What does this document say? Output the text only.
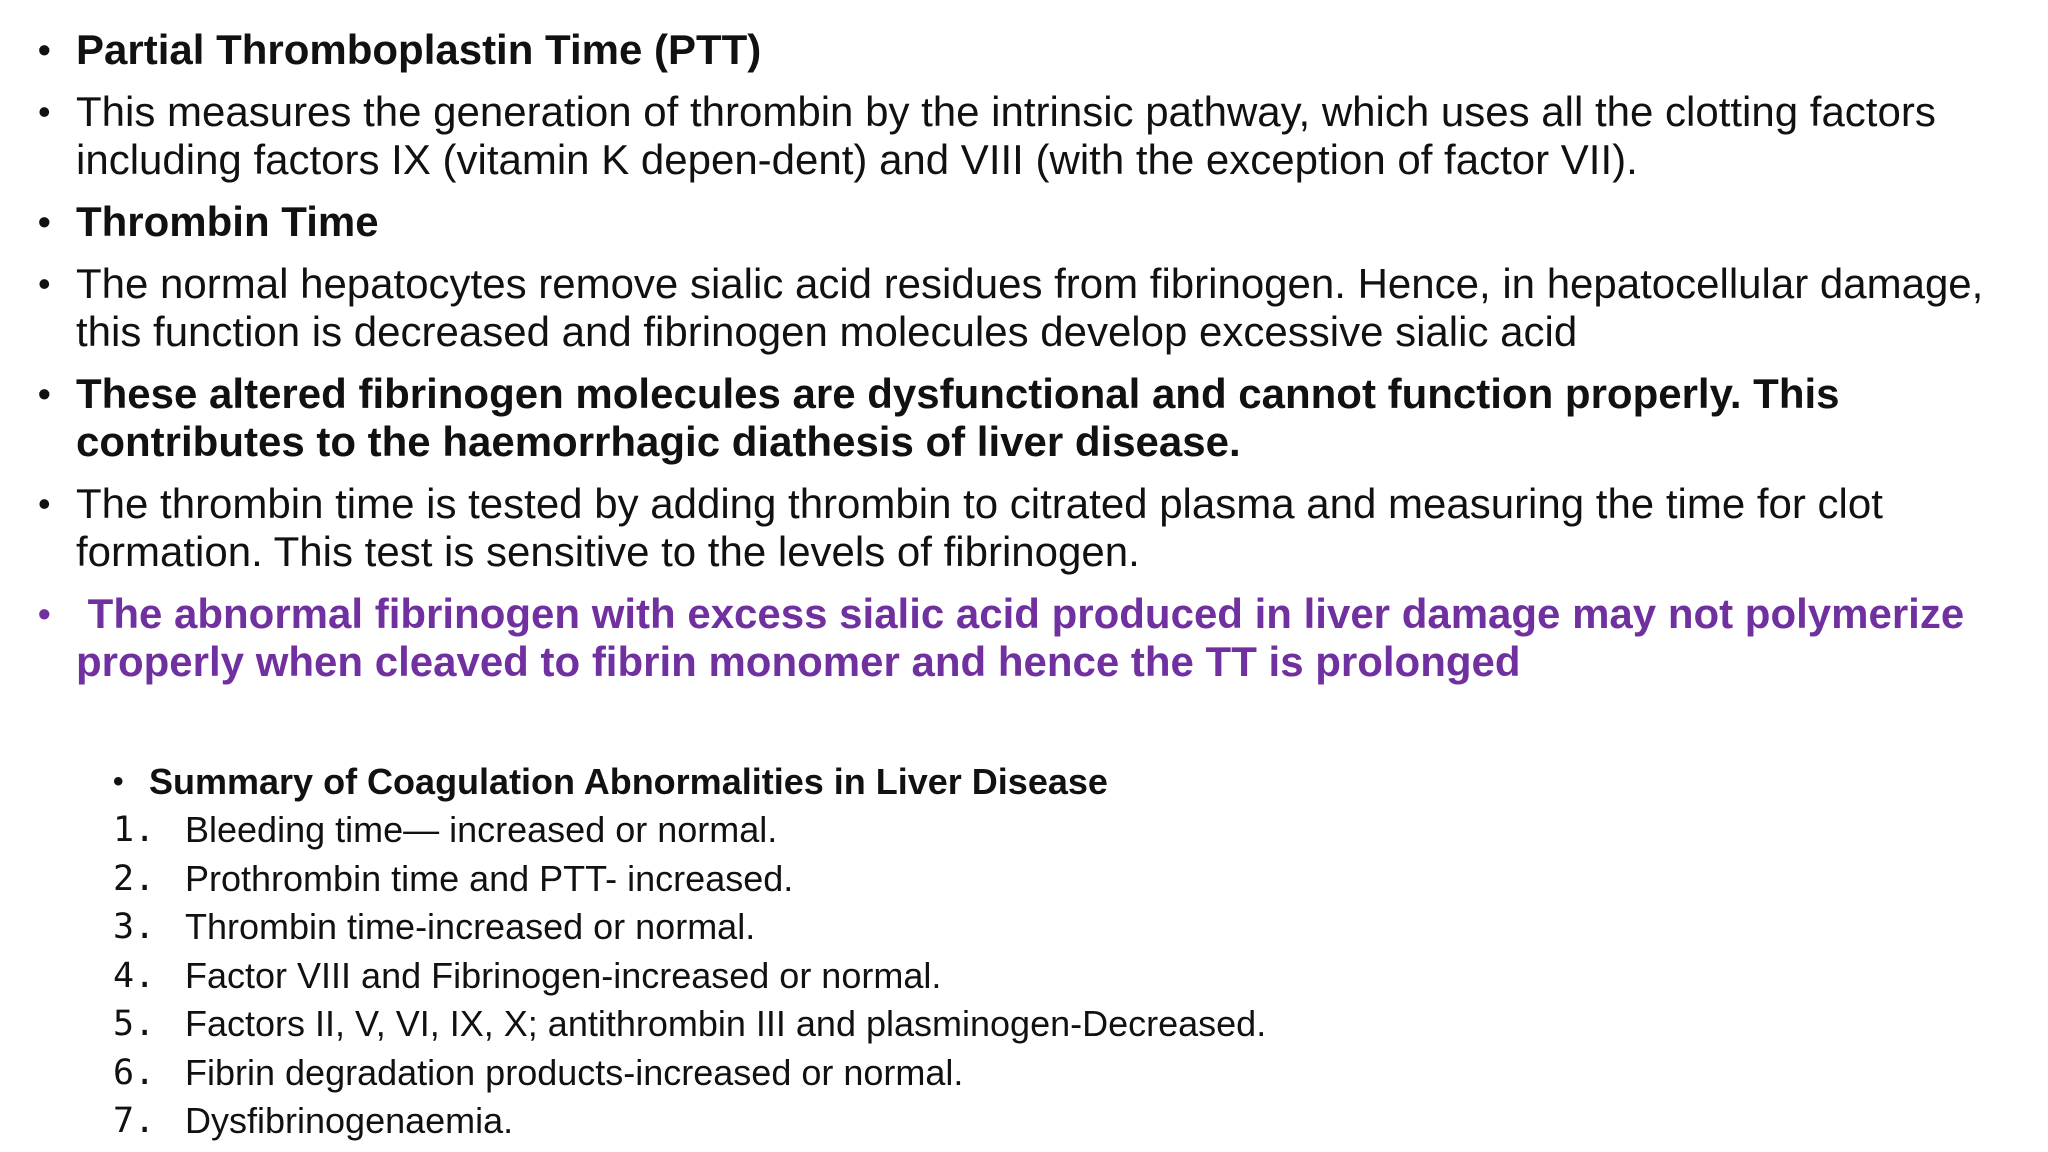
• Partial Thromboplastin Time (PTT)
• This measures the generation of thrombin by the intrinsic pathway, which uses all the clotting factors including factors IX (vitamin K depen-dent) and VIII (with the exception of factor VII).
• Thrombin Time
• The normal hepatocytes remove sialic acid residues from fibrinogen. Hence, in hepatocellular damage, this function is decreased and fibrinogen molecules develop excessive sialic acid
• These altered fibrinogen molecules are dysfunctional and cannot function properly. This contributes to the haemorrhagic diathesis of liver disease.
• The thrombin time is tested by adding thrombin to citrated plasma and measuring the time for clot formation. This test is sensitive to the levels of fibrinogen.
• The abnormal fibrinogen with excess sialic acid produced in liver damage may not polymerize properly when cleaved to fibrin monomer and hence the TT is prolonged
• Summary of Coagulation Abnormalities in Liver Disease
1. Bleeding time— increased or normal.
2. Prothrombin time and PTT- increased.
3. Thrombin time-increased or normal.
4. Factor VIII and Fibrinogen-increased or normal.
5. Factors II, V, VI, IX, X; antithrombin III and plasminogen-Decreased.
6. Fibrin degradation products-increased or normal.
7. Dysfibrinogenaemia.
